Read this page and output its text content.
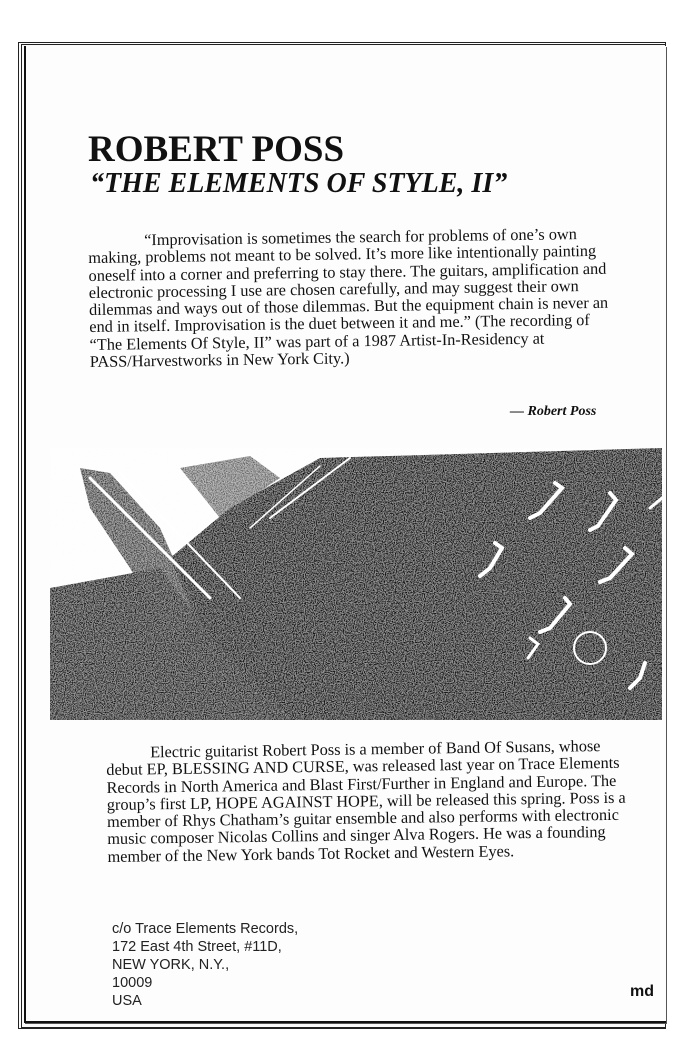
ROBERT POSS
“THE ELEMENTS OF STYLE, II”

“Improvisation is sometimes the search for problems of one’s own making, problems not meant to be solved. It’s more like intentionally painting oneself into a corner and preferring to stay there. The guitars, amplification and electronic processing I use are chosen carefully, and may suggest their own dilemmas and ways out of those dilemmas. But the equipment chain is never an end in itself. Improvisation is the duet between it and me.” (The recording of “The Elements Of Style, II” was part of a 1987 Artist-In-Residency at PASS/Harvestworks in New York City.)

— Robert Poss

Electric guitarist Robert Poss is a member of Band Of Susans, whose debut EP, BLESSING AND CURSE, was released last year on Trace Elements Records in North America and Blast First/Further in England and Europe. The group’s first LP, HOPE AGAINST HOPE, will be released this spring. Poss is a member of Rhys Chatham’s guitar ensemble and also performs with electronic music composer Nicolas Collins and singer Alva Rogers. He was a founding member of the New York bands Tot Rocket and Western Eyes.

c/o Trace Elements Records,
172 East 4th Street, #11D,
NEW YORK, N.Y.,
10009
USA
md
